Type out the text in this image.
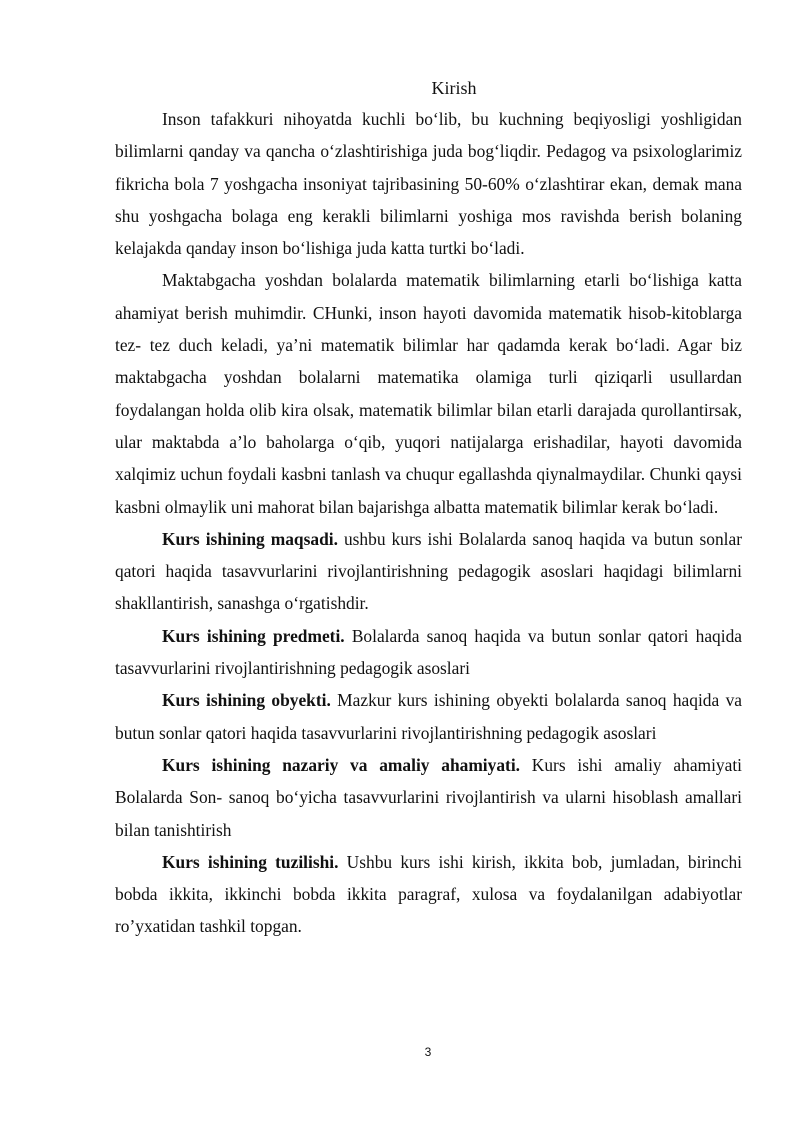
Kirish

Inson tafakkuri nihoyatda kuchli bo‘lib, bu kuchning beqiyosligi yoshligidan bilimlarni qanday va qancha o‘zlashtirishiga juda bog‘liqdir. Pedagog va psixologlarimiz fikricha bola 7 yoshgacha insoniyat tajribasining 50-60% o‘zlashtirar ekan, demak mana shu yoshgacha bolaga eng kerakli bilimlarni yoshiga mos ravishda berish bolaning kelajakda qanday inson bo‘lishiga juda katta turtki bo‘ladi.

Maktabgacha yoshdan bolalarda matematik bilimlarning etarli bo‘lishiga katta ahamiyat berish muhimdir. CHunki, inson hayoti davomida matematik hisob-kitoblarga tez- tez duch keladi, ya’ni matematik bilimlar har qadamda kerak bo‘ladi. Agar biz maktabgacha yoshdan bolalarni matematika olamiga turli qiziqarli usullardan foydalangan holda olib kira olsak, matematik bilimlar bilan etarli darajada qurollantirsak, ular maktabda a’lo baholarga o‘qib, yuqori natijalarga erishadilar, hayoti davomida xalqimiz uchun foydali kasbni tanlash va chuqur egallashda qiynalmaydilar. Chunki qaysi kasbni olmaylik uni mahorat bilan bajarishga albatta matematik bilimlar kerak bo‘ladi.

Kurs ishining maqsadi. ushbu kurs ishi Bolalarda sanoq haqida va butun sonlar qatori haqida tasavvurlarini rivojlantirishning pedagogik asoslari haqidagi bilimlarni shakllantirish, sanashga o‘rgatishdir.

Kurs ishining predmeti. Bolalarda sanoq haqida va butun sonlar qatori haqida tasavvurlarini rivojlantirishning pedagogik asoslari

Kurs ishining obyekti. Mazkur kurs ishining obyekti bolalarda sanoq haqida va butun sonlar qatori haqida tasavvurlarini rivojlantirishning pedagogik asoslari

Kurs ishining nazariy va amaliy ahamiyati. Kurs ishi amaliy ahamiyati Bolalarda Son- sanoq bo‘yicha tasavvurlarini rivojlantirish va ularni hisoblash amallari bilan tanishtirish

Kurs ishining tuzilishi. Ushbu kurs ishi kirish, ikkita bob, jumladan, birinchi bobda ikkita, ikkinchi bobda ikkita paragraf, xulosa va foydalanilgan adabiyotlar ro’yxatidan tashkil topgan.

3
